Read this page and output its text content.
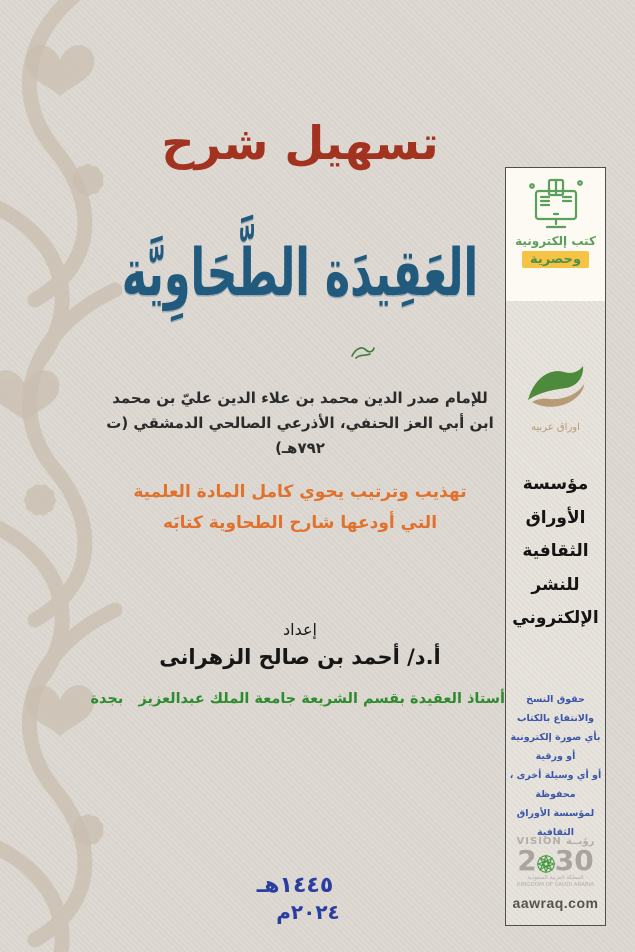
تسهيل شرح
العَقِيدَة الطَّحَاوِيَّة
للإمام صدر الدين محمد بن علاء الدين عليّ بن محمد
ابن أبي العز الحنفي، الأذرعي الصالحي الدمشقي (ت ٧٩٢هـ)
تهذيب وترتيب يحوي كامل المادة العلمية
التي أودعها شارح الطحاوية كتابَه
إعداد
أ.د/ أحمد بن صالح الزهرانى
أستاذ العقيدة بقسم الشريعة جامعة الملك عبدالعزيز   بجدة
١٤٤٥هـ
٢٠٢٤م
كتب إلكترونية
وحصرية
اوراق عربيه
مؤسسة
الأوراق
الثقافية
للنشر
الإلكتروني
حقوق النسخ والانتفاع بالكتاب
بأي صورة إلكترونية أو ورقية
أو أي وسيلة أخرى ، محفوظة
لمؤسسة الأوراق الثقافية
VISION رؤيــة
2 30
المملكة العربية السعودية
KINGDOM OF SAUDI ARABIA
aawraq.com
